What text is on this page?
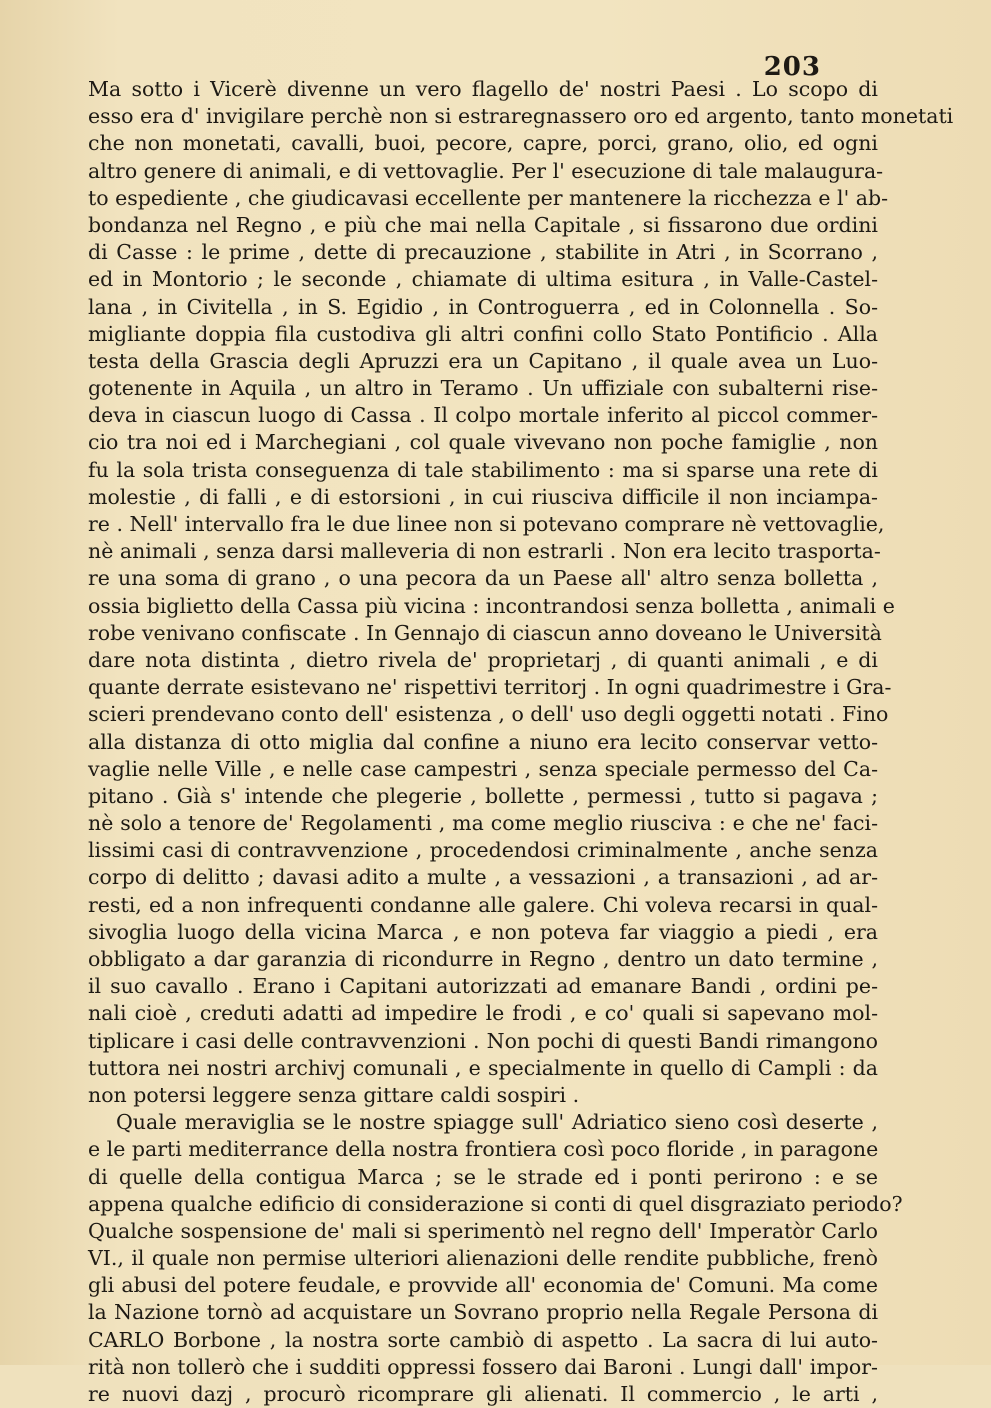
203
Ma sotto i Vicerè divenne un vero flagello de' nostri Paesi . Lo scopo di
esso era d' invigilare perchè non si estraregnassero oro ed argento, tanto monetati
che non monetati, cavalli, buoi, pecore, capre, porci, grano, olio, ed ogni
altro genere di animali, e di vettovaglie. Per l' esecuzione di tale malaugura-
to espediente , che giudicavasi eccellente per mantenere la ricchezza e l' ab-
bondanza nel Regno , e più che mai nella Capitale , si fissarono due ordini
di Casse : le prime , dette di precauzione , stabilite in Atri , in Scorrano ,
ed in Montorio ; le seconde , chiamate di ultima esitura , in Valle-Castel-
lana , in Civitella , in S. Egidio , in Controguerra , ed in Colonnella . So-
migliante doppia fila custodiva gli altri confini collo Stato Pontificio . Alla
testa della Grascia degli Apruzzi era un Capitano , il quale avea un Luo-
gotenente in Aquila , un altro in Teramo . Un uffiziale con subalterni rise-
deva in ciascun luogo di Cassa . Il colpo mortale inferito al piccol commer-
cio tra noi ed i Marchegiani , col quale vivevano non poche famiglie , non
fu la sola trista conseguenza di tale stabilimento : ma si sparse una rete di
molestie , di falli , e di estorsioni , in cui riusciva difficile il non inciampa-
re . Nell' intervallo fra le due linee non si potevano comprare nè vettovaglie,
nè animali , senza darsi malleveria di non estrarli . Non era lecito trasporta-
re una soma di grano , o una pecora da un Paese all' altro senza bolletta ,
ossia biglietto della Cassa più vicina : incontrandosi senza bolletta , animali e
robe venivano confiscate . In Gennajo di ciascun anno doveano le Università
dare nota distinta , dietro rivela de' proprietarj , di quanti animali , e di
quante derrate esistevano ne' rispettivi territorj . In ogni quadrimestre i Gra-
scieri prendevano conto dell' esistenza , o dell' uso degli oggetti notati . Fino
alla distanza di otto miglia dal confine a niuno era lecito conservar vetto-
vaglie nelle Ville , e nelle case campestri , senza speciale permesso del Ca-
pitano . Già s' intende che plegerie , bollette , permessi , tutto si pagava ;
nè solo a tenore de' Regolamenti , ma come meglio riusciva : e che ne' faci-
lissimi casi di contravvenzione , procedendosi criminalmente , anche senza
corpo di delitto ; davasi adito a multe , a vessazioni , a transazioni , ad ar-
resti, ed a non infrequenti condanne alle galere. Chi voleva recarsi in qual-
sivoglia luogo della vicina Marca , e non poteva far viaggio a piedi , era
obbligato a dar garanzia di ricondurre in Regno , dentro un dato termine ,
il suo cavallo . Erano i Capitani autorizzati ad emanare Bandi , ordini pe-
nali cioè , creduti adatti ad impedire le frodi , e co' quali si sapevano mol-
tiplicare i casi delle contravvenzioni . Non pochi di questi Bandi rimangono
tuttora nei nostri archivj comunali , e specialmente in quello di Campli : da
non potersi leggere senza gittare caldi sospiri .
Quale meraviglia se le nostre spiagge sull' Adriatico sieno così deserte ,
e le parti mediterrance della nostra frontiera così poco floride , in paragone
di quelle della contigua Marca ; se le strade ed i ponti perirono : e se
appena qualche edificio di considerazione si conti di quel disgraziato periodo?
Qualche sospensione de' mali si sperimentò nel regno dell' Imperatòr Carlo
VI., il quale non permise ulteriori alienazioni delle rendite pubbliche, frenò
gli abusi del potere feudale, e provvide all' economia de' Comuni. Ma come
la Nazione tornò ad acquistare un Sovrano proprio nella Regale Persona di
CARLO Borbone , la nostra sorte cambiò di aspetto . La sacra di lui auto-
rità non tollerò che i sudditi oppressi fossero dai Baroni . Lungi dall' impor-
re nuovi dazj , procurò ricomprare gli alienati. Il commercio , le arti ,
